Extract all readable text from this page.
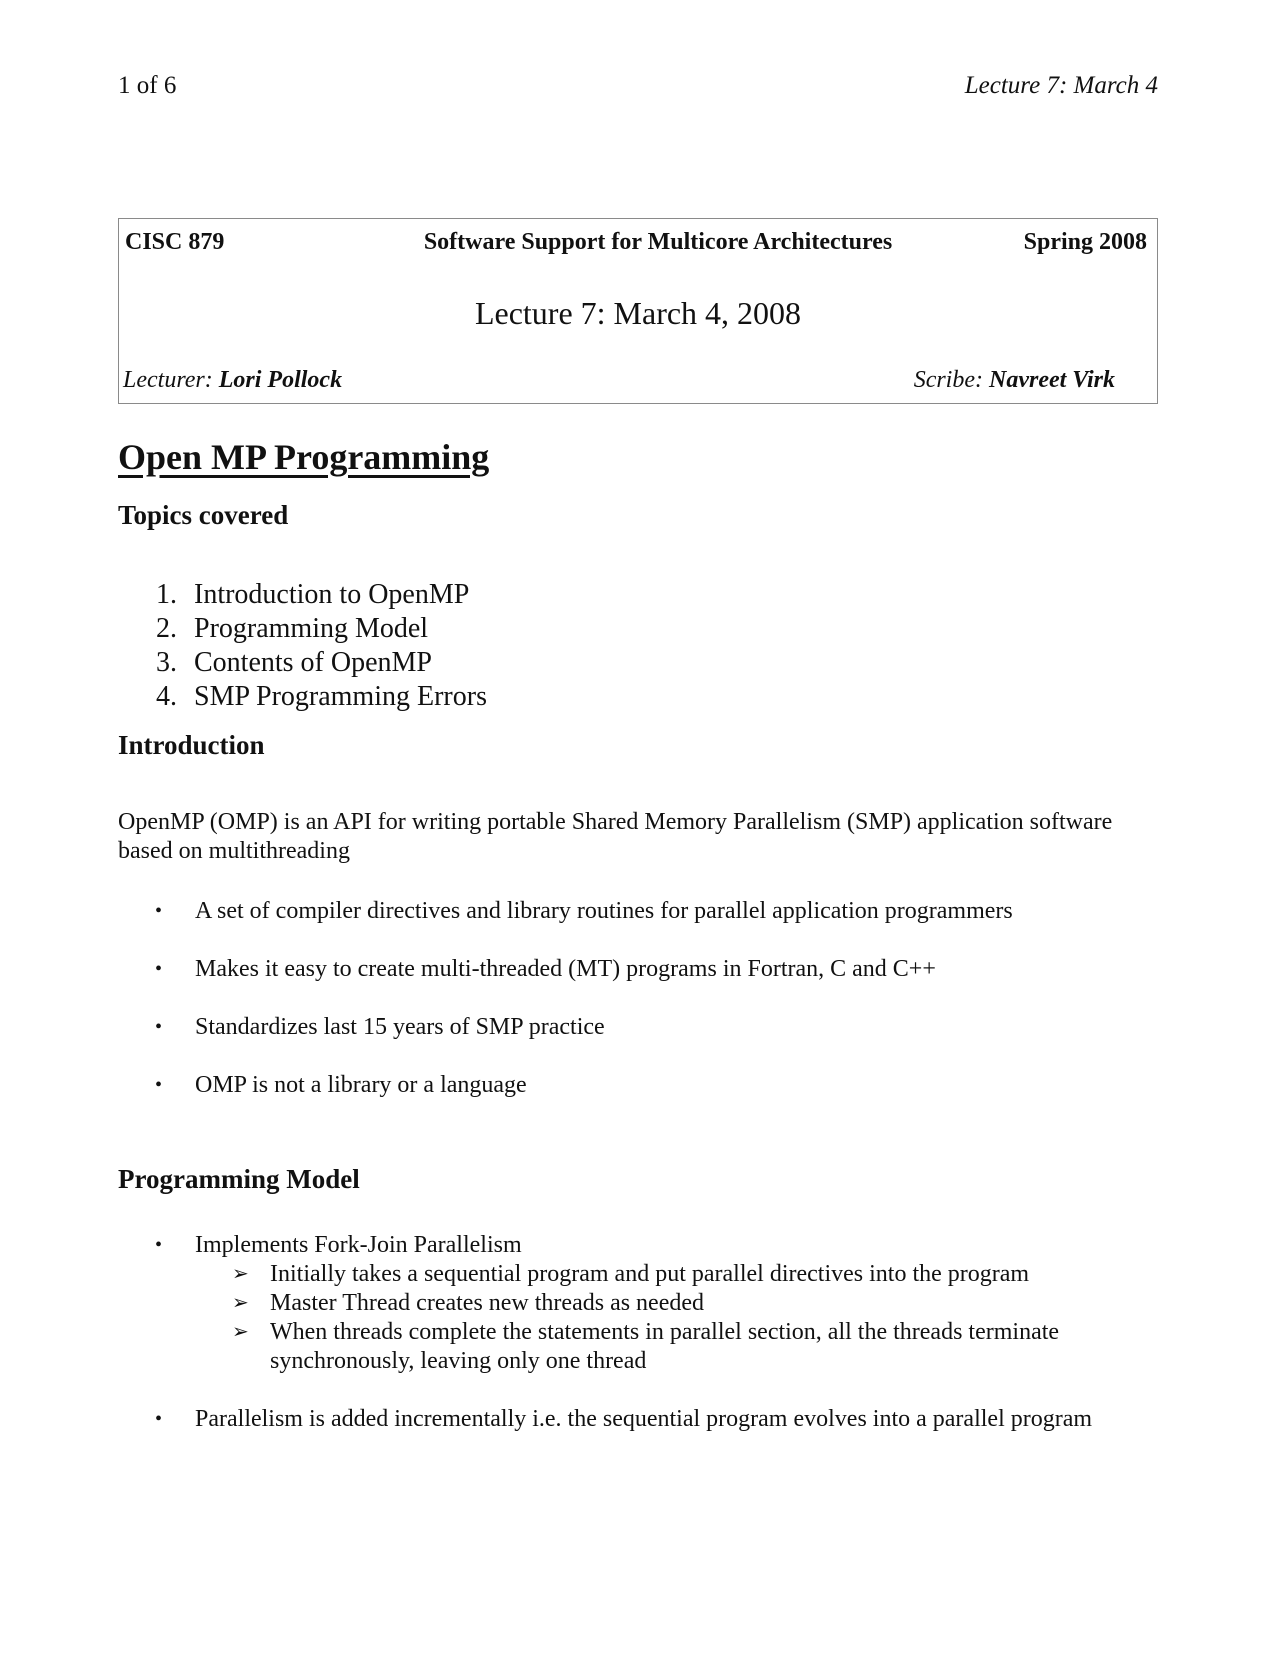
1 of 6	Lecture 7: March 4
CISC 879	Software Support for Multicore Architectures	Spring 2008
Lecture 7: March 4, 2008
Lecturer: Lori Pollock	Scribe: Navreet Virk
Open MP Programming
Topics covered
1. Introduction to OpenMP
2. Programming Model
3. Contents of OpenMP
4. SMP Programming Errors
Introduction

OpenMP (OMP) is an API for writing portable Shared Memory Parallelism (SMP) application software based on multithreading

• A set of compiler directives and library routines for parallel application programmers
• Makes it easy to create multi-threaded (MT) programs in Fortran, C and C++
• Standardizes last 15 years of SMP practice
• OMP is not a library or a language
Programming Model
• Implements Fork-Join Parallelism
➢ Initially takes a sequential program and put parallel directives into the program
➢ Master Thread creates new threads as needed
➢ When threads complete the statements in parallel section, all the threads terminate synchronously, leaving only one thread
• Parallelism is added incrementally i.e. the sequential program evolves into a parallel program
